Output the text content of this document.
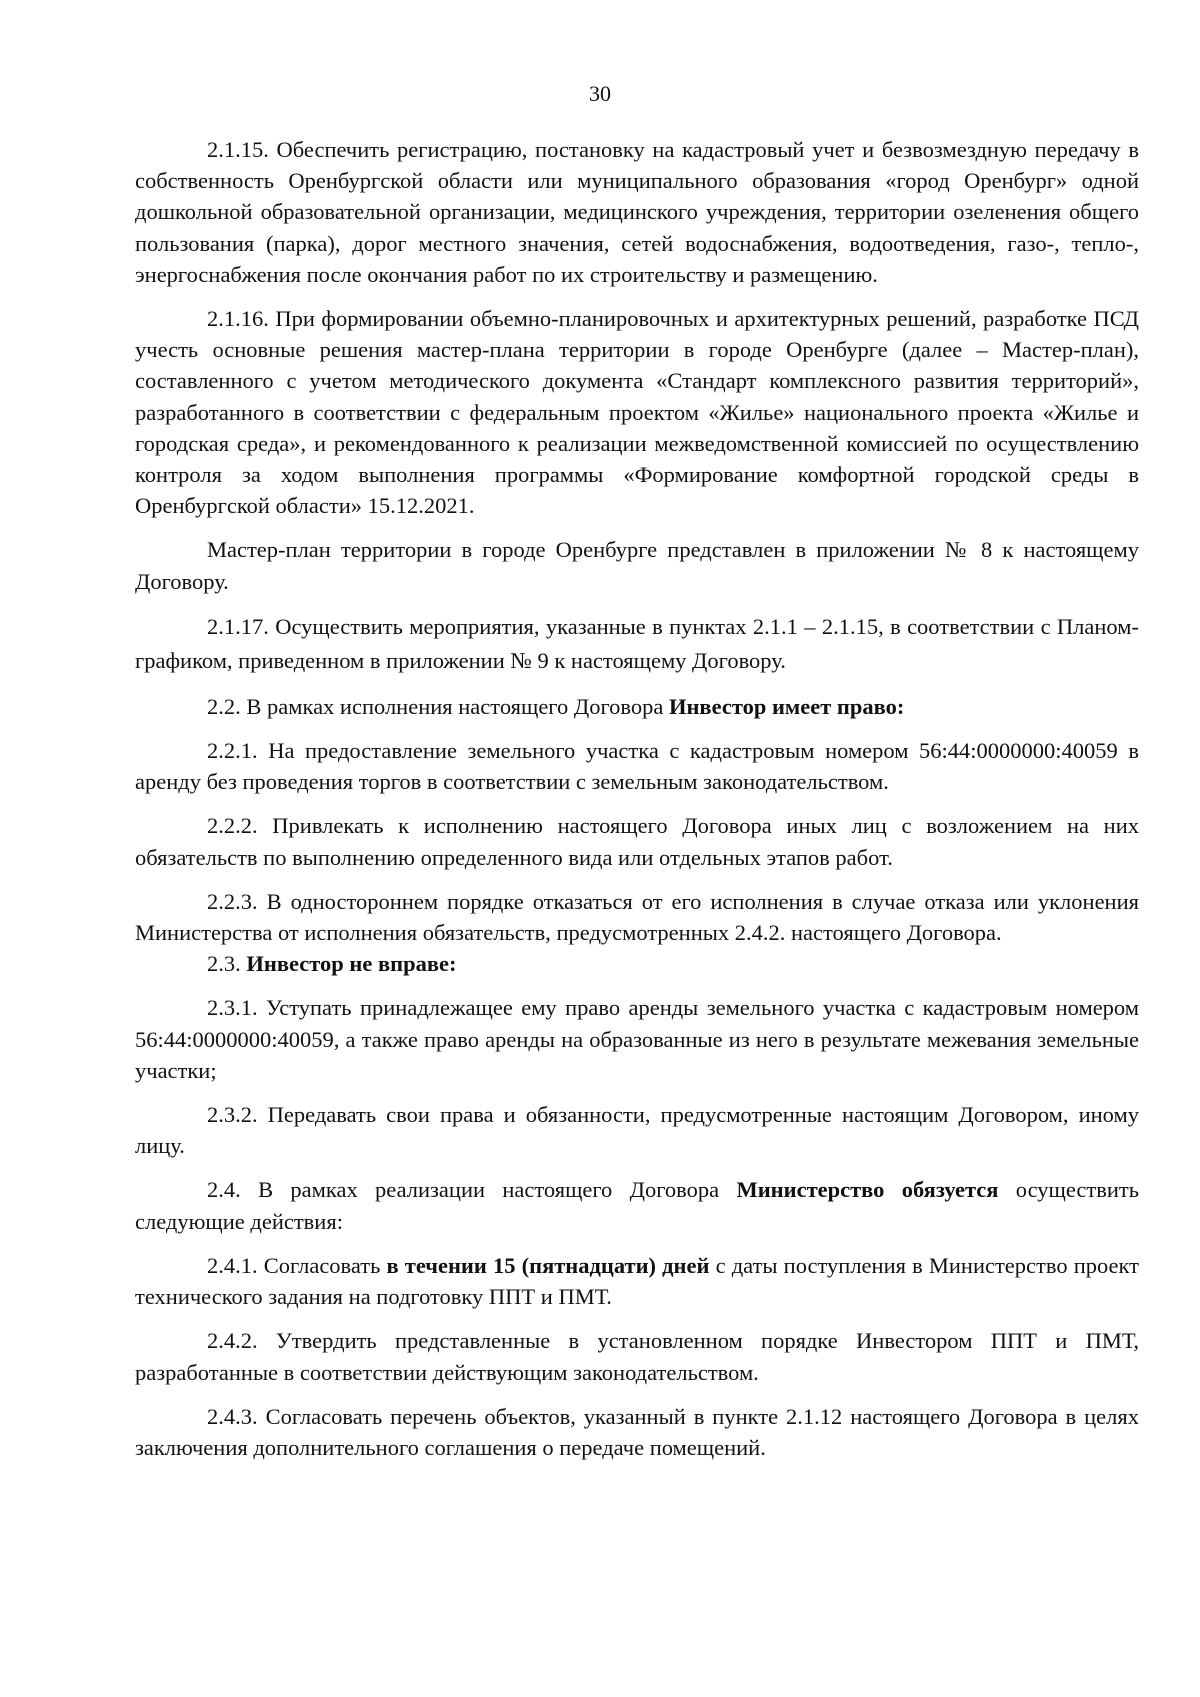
30

2.1.15. Обеспечить регистрацию, постановку на кадастровый учет и безвозмездную передачу в собственность Оренбургской области или муниципального образования «город Оренбург» одной дошкольной образовательной организации, медицинского учреждения, территории озеленения общего пользования (парка), дорог местного значения, сетей водоснабжения, водоотведения, газо-, тепло-, энергоснабжения после окончания работ по их строительству и размещению.

2.1.16. При формировании объемно-планировочных и архитектурных решений, разработке ПСД учесть основные решения мастер-плана территории в городе Оренбурге (далее – Мастер-план), составленного с учетом методического документа «Стандарт комплексного развития территорий», разработанного в соответствии с федеральным проектом «Жилье» национального проекта «Жилье и городская среда», и рекомендованного к реализации межведомственной комиссией по осуществлению контроля за ходом выполнения программы «Формирование комфортной городской среды в Оренбургской области» 15.12.2021.

Мастер-план территории в городе Оренбурге представлен в приложении № 8 к настоящему Договору.

2.1.17. Осуществить мероприятия, указанные в пунктах 2.1.1 – 2.1.15, в соответствии с Планом-графиком, приведенном в приложении № 9 к настоящему Договору.

2.2. В рамках исполнения настоящего Договора Инвестор имеет право:

2.2.1. На предоставление земельного участка с кадастровым номером 56:44:0000000:40059 в аренду без проведения торгов в соответствии с земельным законодательством.

2.2.2. Привлекать к исполнению настоящего Договора иных лиц с возложением на них обязательств по выполнению определенного вида или отдельных этапов работ.

2.2.3. В одностороннем порядке отказаться от его исполнения в случае отказа или уклонения Министерства от исполнения обязательств, предусмотренных 2.4.2. настоящего Договора.

2.3. Инвестор не вправе:

2.3.1. Уступать принадлежащее ему право аренды земельного участка с кадастровым номером 56:44:0000000:40059, а также право аренды на образованные из него в результате межевания земельные участки;

2.3.2. Передавать свои права и обязанности, предусмотренные настоящим Договором, иному лицу.

2.4. В рамках реализации настоящего Договора Министерство обязуется осуществить следующие действия:

2.4.1. Согласовать в течении 15 (пятнадцати) дней с даты поступления в Министерство проект технического задания на подготовку ППТ и ПМТ.

2.4.2. Утвердить представленные в установленном порядке Инвестором ППТ и ПМТ, разработанные в соответствии действующим законодательством.

2.4.3. Согласовать перечень объектов, указанный в пункте 2.1.12 настоящего Договора в целях заключения дополнительного соглашения о передаче помещений.
